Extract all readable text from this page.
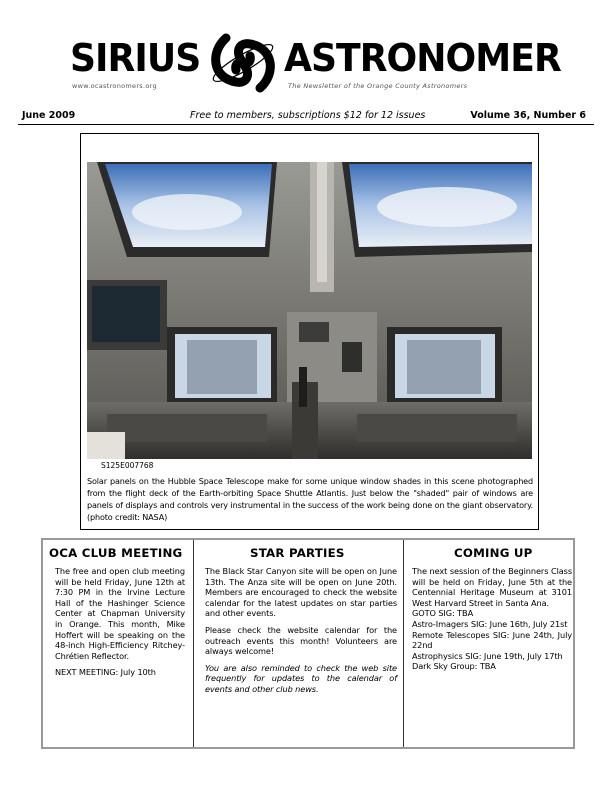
SIRIUS ASTRONOMER
www.ocastronomers.org	The Newsletter of the Orange County Astronomers
June 2009	Free to members, subscriptions $12 for 12 issues	Volume 36, Number 6
S125E007768
Solar panels on the Hubble Space Telescope make for some unique window shades in this scene photographed from the flight deck of the Earth-orbiting Space Shuttle Atlantis. Just below the "shaded" pair of windows are panels of displays and controls very instrumental in the success of the work being done on the giant observatory. (photo credit: NASA)
OCA CLUB MEETING

The free and open club meeting will be held Friday, June 12th at 7:30 PM in the Irvine Lecture Hall of the Hashinger Science Center at Chapman University in Orange. This month, Mike Hoffert will be speaking on the 48-inch High-Efficiency Ritchey-Chrétien Reflector.

NEXT MEETING: July 10th

STAR PARTIES

The Black Star Canyon site will be open on June 13th. The Anza site will be open on June 20th. Members are encouraged to check the website calendar for the latest updates on star parties and other events.

Please check the website calendar for the outreach events this month! Volunteers are always welcome!

You are also reminded to check the web site frequently for updates to the calendar of events and other club news.

COMING UP

The next session of the Beginners Class will be held on Friday, June 5th at the Centennial Heritage Museum at 3101 West Harvard Street in Santa Ana.

GOTO SIG: TBA

Astro-Imagers SIG: June 16th, July 21st

Remote Telescopes SIG: June 24th, July 22nd

Astrophysics SIG: June 19th, July 17th

Dark Sky Group: TBA
